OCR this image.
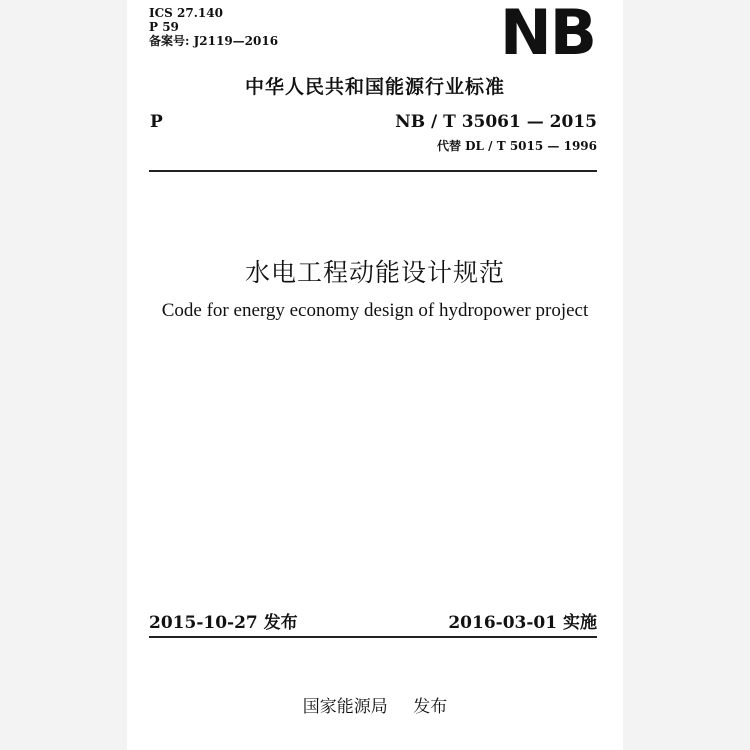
ICS 27.140
P 59
备案号: J2119—2016	NB
中华人民共和国能源行业标准
P	NB / T 35061 — 2015
代替 DL / T 5015 — 1996
水电工程动能设计规范
Code for energy economy design of hydropower project
2015-10-27 发布	2016-03-01 实施
国家能源局 发布
